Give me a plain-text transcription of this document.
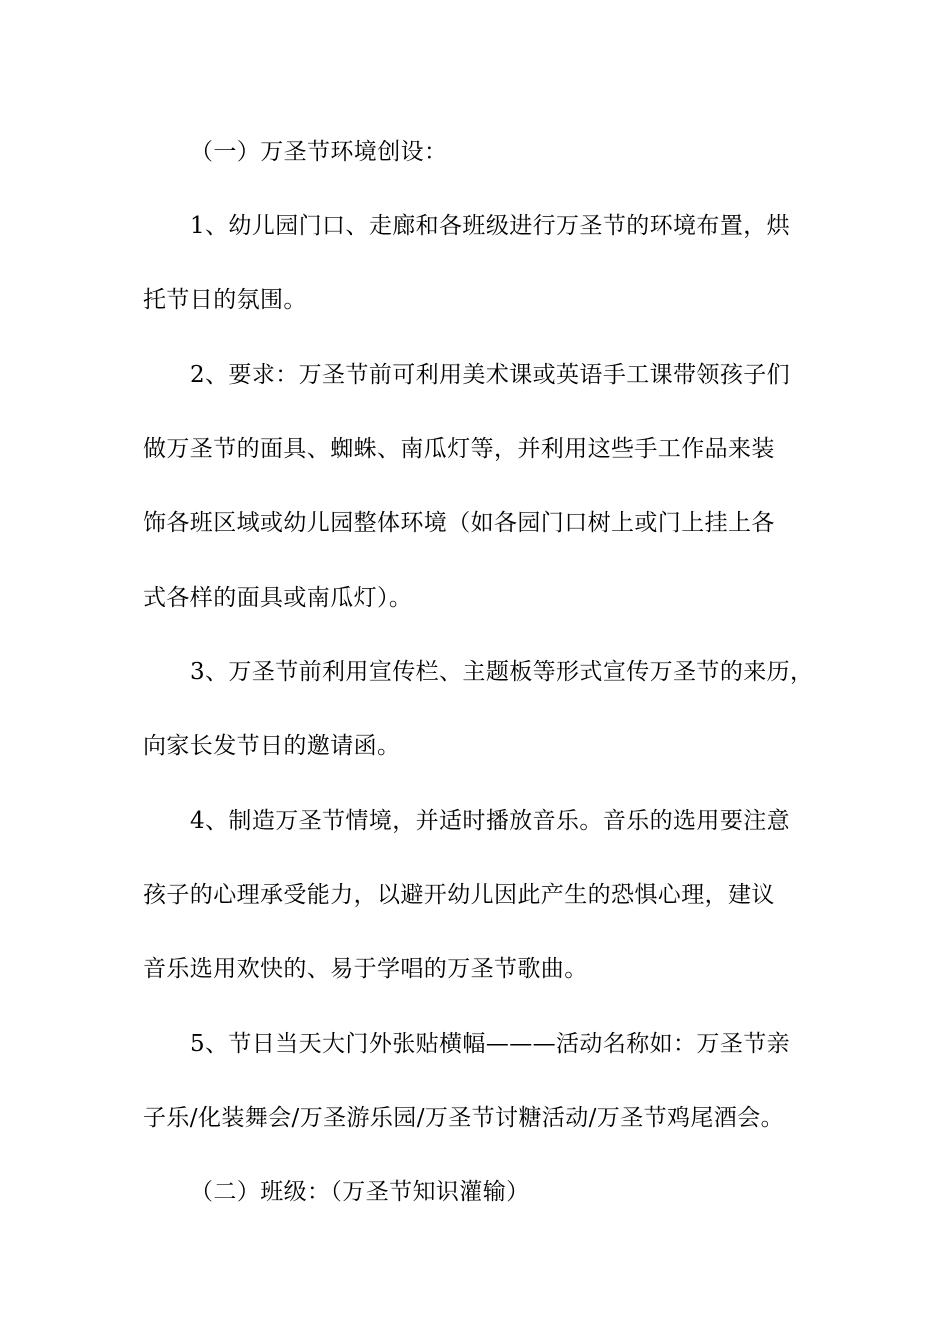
（一）万圣节环境创设：
1、幼儿园门口、走廊和各班级进行万圣节的环境布置，烘
托节日的氛围。
2、要求：万圣节前可利用美术课或英语手工课带领孩子们
做万圣节的面具、蜘蛛、南瓜灯等，并利用这些手工作品来装
饰各班区域或幼儿园整体环境（如各园门口树上或门上挂上各
式各样的面具或南瓜灯）。
3、万圣节前利用宣传栏、主题板等形式宣传万圣节的来历，
向家长发节日的邀请函。
4、制造万圣节情境，并适时播放音乐。音乐的选用要注意
孩子的心理承受能力，以避开幼儿因此产生的恐惧心理，建议
音乐选用欢快的、易于学唱的万圣节歌曲。
5、节日当天大门外张贴横幅———活动名称如：万圣节亲
子乐/化装舞会/万圣游乐园/万圣节讨糖活动/万圣节鸡尾酒会。
（二）班级：（万圣节知识灌输）
